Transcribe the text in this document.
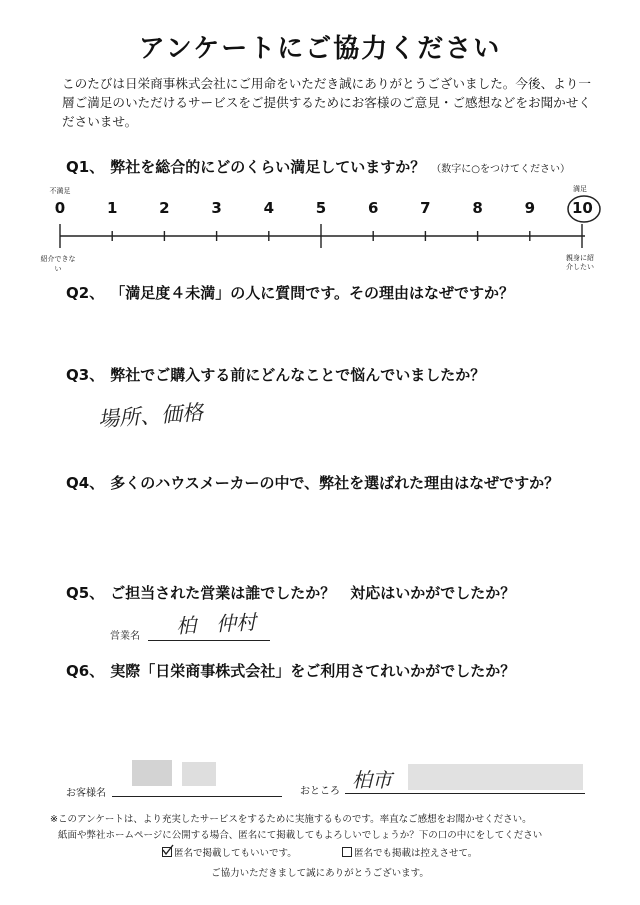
アンケートにご協力ください
このたびは日栄商事株式会社にご用命をいただき誠にありがとうございました。今後、より一層ご満足のいただけるサービスをご提供するためにお客様のご意見・ご感想などをお聞かせくださいませ。
Q1、 弊社を総合的にどのくらい満足していますか？ （数字に○をつけてください）
不満足
紹介できない
満足
親身に紹介したい
0	1	2	3	4	5	6	7	8	9	10
Q2、 「満足度４未満」の人に質問です。その理由はなぜですか？
Q3、 弊社でご購入する前にどんなことで悩んでいましたか？
場所、価格
Q4、 多くのハウスメーカーの中で、弊社を選ばれた理由はなぜですか？
Q5、 ご担当された営業は誰でしたか？　対応はいかがでしたか？
営業名 柏　仲村
Q6、 実際「日栄商事株式会社」をご利用さてれいかがでしたか？
お客様名	おところ 柏市
※このアンケートは、より充実したサービスをするために実施するものです。率直なご感想をお聞かせください。
紙面や弊社ホームページに公開する場合、匿名にて掲載してもよろしいでしょうか？下の口の中にをしてください
匿名で掲載してもいいです。	匿名でも掲載は控えさせて。
ご協力いただきまして誠にありがとうございます。
